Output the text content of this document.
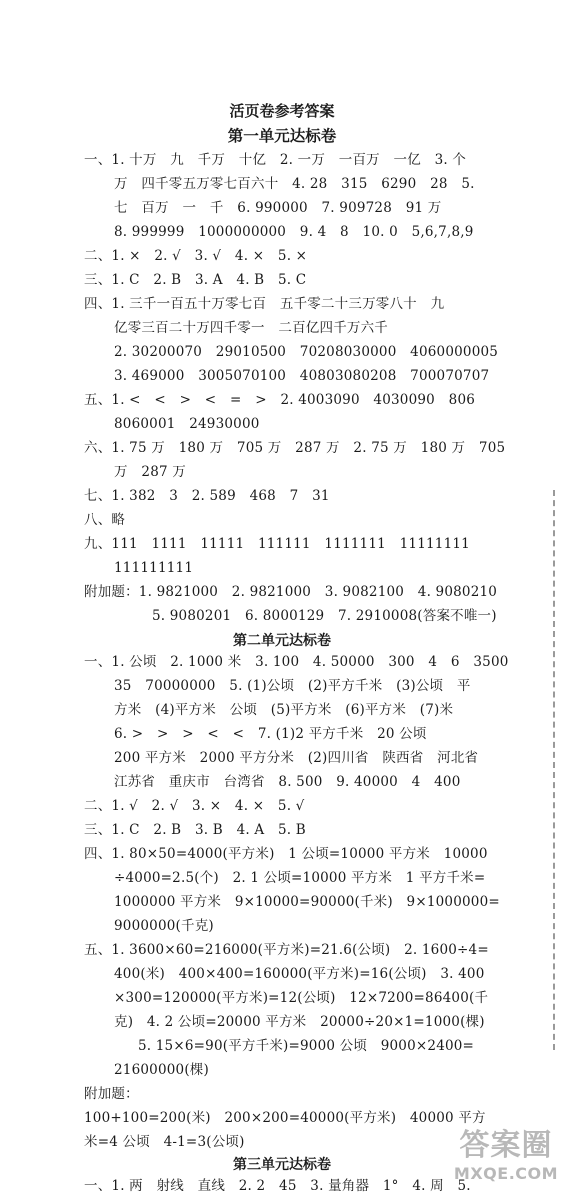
活页卷参考答案
第一单元达标卷
一、1. 十万　九　千万　十亿　2. 一万　一百万　一亿　3. 个
万　四千零五万零七百六十　4. 28　315　6290　28　5.
七　百万　一　千　6. 990000　7. 909728　91 万
8. 999999　1000000000　9. 4　8　10. 0　5,6,7,8,9
二、1. ×　2. √　3. √　4. ×　5. ×
三、1. C　2. B　3. A　4. B　5. C
四、1. 三千一百五十万零七百　五千零二十三万零八十　九
亿零三百二十万四千零一　二百亿四千万六千
2. 30200070　29010500　70208030000　4060000005
3. 469000　3005070100　40803080208　700070707
五、1. <　<　>　<　=　>　2. 4003090　4030090　806
8060001　24930000
六、1. 75 万　180 万　705 万　287 万　2. 75 万　180 万　705
万　287 万
七、1. 382　3　2. 589　468　7　31
八、略
九、111　1111　11111　111111　1111111　11111111
111111111
附加题：1. 9821000　2. 9821000　3. 9082100　4. 9080210
5. 9080201　6. 8000129　7. 2910008(答案不唯一)
第二单元达标卷
一、1. 公顷　2. 1000 米　3. 100　4. 50000　300　4　6　3500
35　70000000　5. (1)公顷　(2)平方千米　(3)公顷　平
方米　(4)平方米　公顷　(5)平方米　(6)平方米　(7)米
6. >　>　>　<　<　7. (1)2 平方千米　20 公顷
200 平方米　2000 平方分米　(2)四川省　陕西省　河北省
江苏省　重庆市　台湾省　8. 500　9. 40000　4　400
二、1. √　2. √　3. ×　4. ×　5. √
三、1. C　2. B　3. B　4. A　5. B
四、1. 80×50=4000(平方米)　1 公顷=10000 平方米　10000
÷4000=2.5(个)　2. 1 公顷=10000 平方米　1 平方千米=
1000000 平方米　9×10000=90000(千米)　9×1000000=
9000000(千克)
五、1. 3600×60=216000(平方米)=21.6(公顷)　2. 1600÷4=
400(米)　400×400=160000(平方米)=16(公顷)　3. 400
×300=120000(平方米)=12(公顷)　12×7200=86400(千
克)　4. 2 公顷=20000 平方米　20000÷20×1=1000(棵)
5. 15×6=90(平方千米)=9000 公顷　9000×2400=
21600000(棵)
附加题：
100+100=200(米)　200×200=40000(平方米)　40000 平方
米=4 公顷　4-1=3(公顷)
第三单元达标卷
一、1. 两　射线　直线　2. 2　45　3. 量角器　1°　4. 周　5.
答案圈
MXQE.COM
